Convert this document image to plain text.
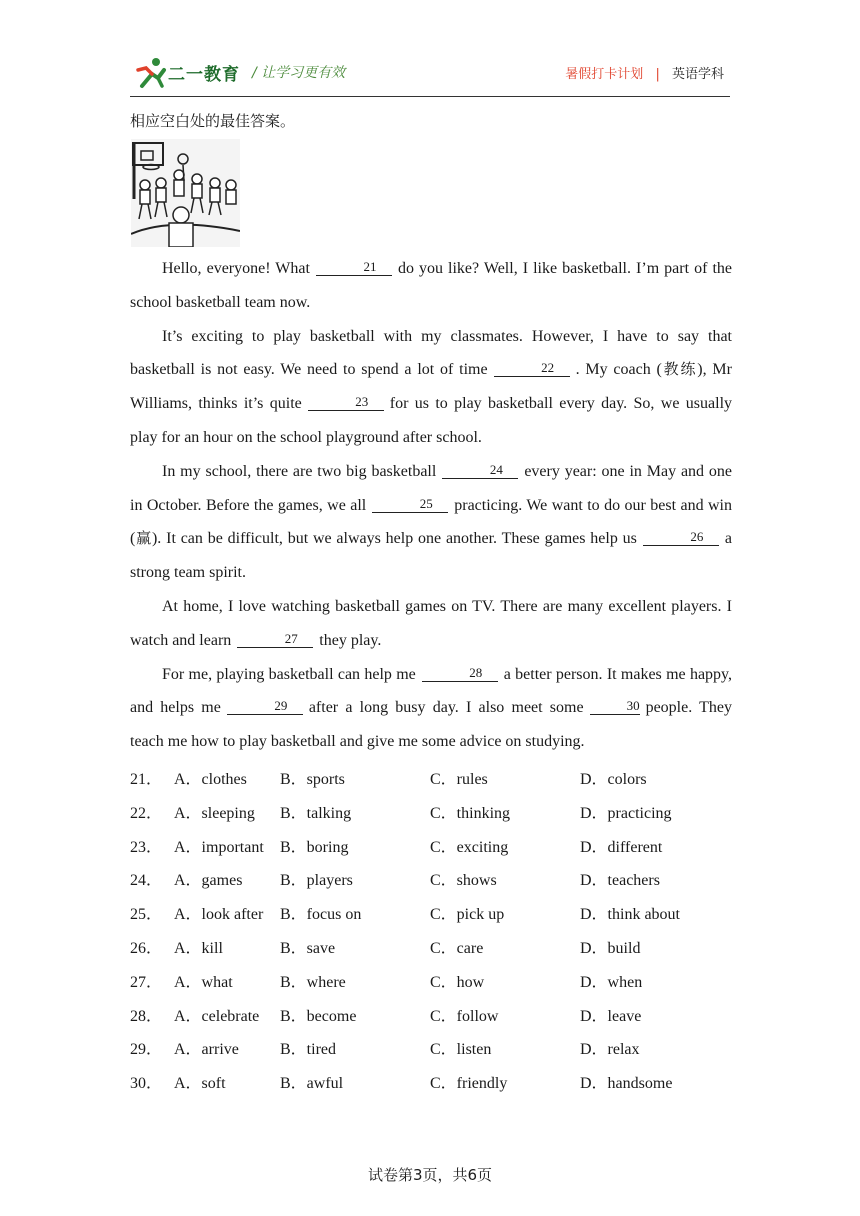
二一教育 / 让学习更有效	暑假打卡计划 | 英语学科
相应空白处的最佳答案。

Hello, everyone! What	21 do you like? Well, I like basketball. I’m part of the school basketball team now.

It’s exciting to play basketball with my classmates. However, I have to say that basketball is not easy. We need to spend a lot of time	22 . My coach (教练), Mr Williams, thinks it’s quite	23 for us to play basketball every day. So, we usually play for an hour on the school playground after school.

In my school, there are two big basketball	24 every year: one in May and one in October. Before the games, we all	25 practicing. We want to do our best and win (赢). It can be difficult, but we always help one another. These games help us	26 a strong team spirit.

At home, I love watching basketball games on TV. There are many excellent players. I watch and learn	27 they play.

For me, playing basketball can help me	28 a better person. It makes me happy, and helps me	29 after a long busy day. I also meet some	30 people. They teach me how to play basketball and give me some advice on studying.

21． A．clothes B．sports	C．rules	D．colors
22． A．sleeping B．talking	C．thinking	D．practicing
23． A．important B．boring	C．exciting	D．different
24． A．games B．players	C．shows	D．teachers
25． A．look after B．focus on	C．pick up	D．think about
26． A．kill	B．save	C．care	D．build
27． A．what	B．where	C．how	D．when
28． A．celebrate B．become	C．follow	D．leave
29． A．arrive	B．tired	C．listen	D．relax
30． A．soft	B．awful	C．friendly	D．handsome
试卷第3页，共6页
